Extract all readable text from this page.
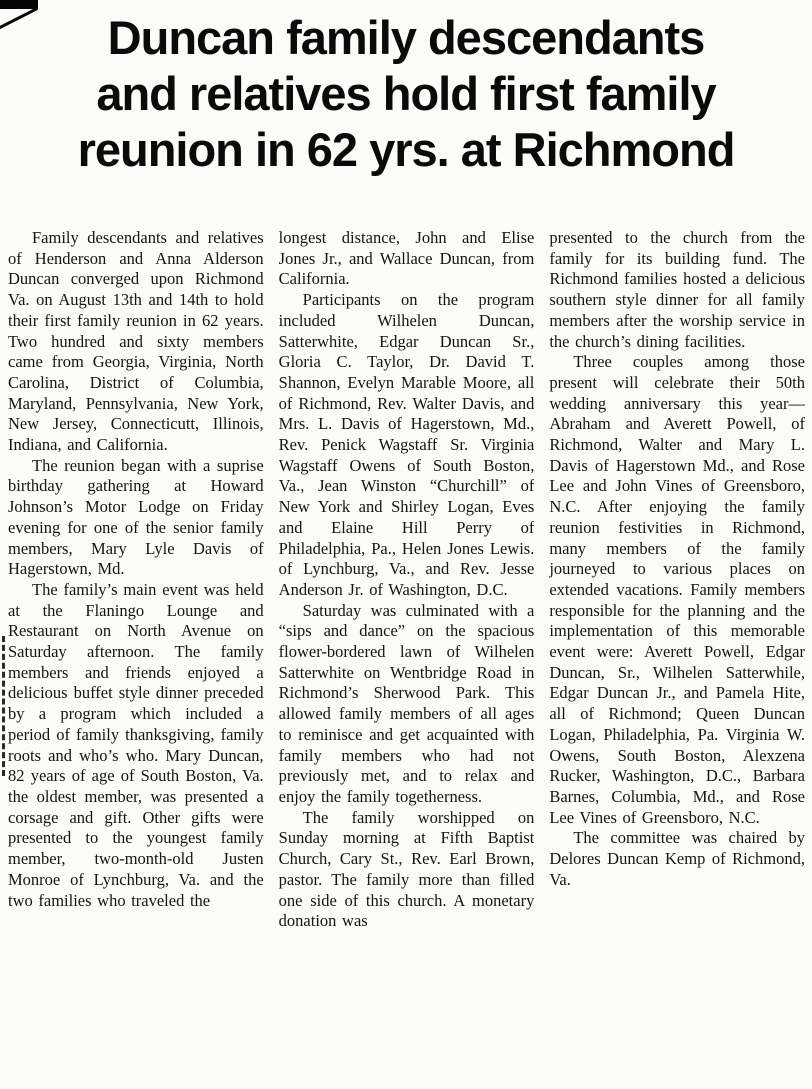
Duncan family descendants
and relatives hold first family
reunion in 62 yrs. at Richmond

Family descendants and relatives of Henderson and Anna Alderson Duncan converged upon Richmond Va. on August 13th and 14th to hold their first family reunion in 62 years. Two hundred and sixty members came from Georgia, Virginia, North Carolina, District of Columbia, Maryland, Pennsylvania, New York, New Jersey, Connecticutt, Illinois, Indiana, and California.

The reunion began with a suprise birthday gathering at Howard Johnson’s Motor Lodge on Friday evening for one of the senior family members, Mary Lyle Davis of Hagerstown, Md.

The family’s main event was held at the Flaningo Lounge and Restaurant on North Avenue on Saturday afternoon. The family members and friends enjoyed a delicious buffet style dinner preceded by a program which included a period of family thanksgiving, family roots and who’s who. Mary Duncan, 82 years of age of South Boston, Va. the oldest member, was presented a corsage and gift. Other gifts were presented to the youngest family member, two-month-old Justen Monroe of Lynchburg, Va. and the two families who traveled the

longest distance, John and Elise Jones Jr., and Wallace Duncan, from California.

Participants on the program included Wilhelen Duncan, Satterwhite, Edgar Duncan Sr., Gloria C. Taylor, Dr. David T. Shannon, Evelyn Marable Moore, all of Richmond, Rev. Walter Davis, and Mrs. L. Davis of Hagerstown, Md., Rev. Penick Wagstaff Sr. Virginia Wagstaff Owens of South Boston, Va., Jean Winston “Churchill” of New York and Shirley Logan, Eves and Elaine Hill Perry of Philadelphia, Pa., Helen Jones Lewis. of Lynchburg, Va., and Rev. Jesse Anderson Jr. of Washington, D.C.

Saturday was culminated with a “sips and dance” on the spacious flower-bordered lawn of Wilhelen Satterwhite on Wentbridge Road in Richmond’s Sherwood Park. This allowed family members of all ages to reminisce and get acquainted with family members who had not previously met, and to relax and enjoy the family togetherness.

The family worshipped on Sunday morning at Fifth Baptist Church, Cary St., Rev. Earl Brown, pastor. The family more than filled one side of this church. A monetary donation was

presented to the church from the family for its building fund. The Richmond families hosted a delicious southern style dinner for all family members after the worship service in the church’s dining facilities.

Three couples among those present will celebrate their 50th wedding anniversary this year— Abraham and Averett Powell, of Richmond, Walter and Mary L. Davis of Hagerstown Md., and Rose Lee and John Vines of Greensboro, N.C. After enjoying the family reunion festivities in Richmond, many members of the family journeyed to various places on extended vacations. Family members responsible for the planning and the implementation of this memorable event were: Averett Powell, Edgar Duncan, Sr., Wilhelen Satterwhile, Edgar Duncan Jr., and Pamela Hite, all of Richmond; Queen Duncan Logan, Philadelphia, Pa. Virginia W. Owens, South Boston, Alexzena Rucker, Washington, D.C., Barbara Barnes, Columbia, Md., and Rose Lee Vines of Greensboro, N.C.

The committee was chaired by Delores Duncan Kemp of Richmond, Va.
